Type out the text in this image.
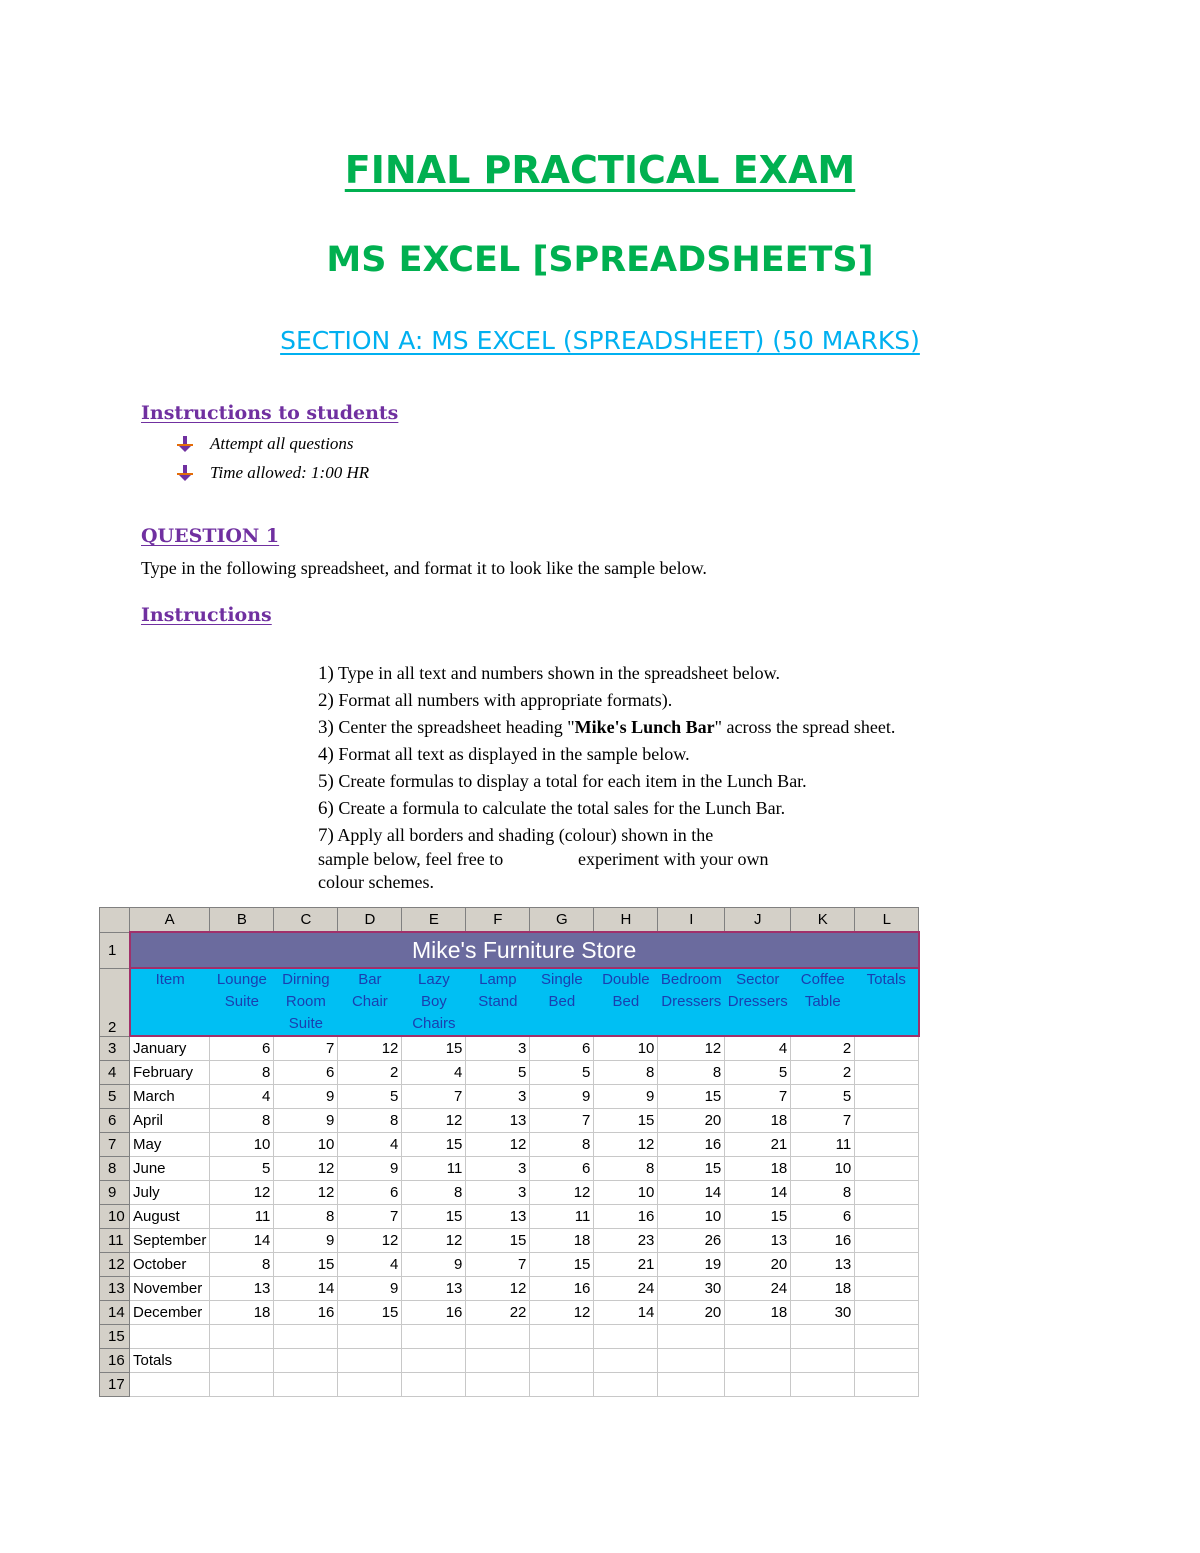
FINAL PRACTICAL EXAM
MS EXCEL [SPREADSHEETS]
SECTION A: MS EXCEL (SPREADSHEET) (50 MARKS)
Instructions to students
Attempt all questions
Time allowed: 1:00 HR
QUESTION 1
Type in the following spreadsheet, and format it to look like the sample below.
Instructions
1) Type in all text and numbers shown in the spreadsheet below.
2) Format all numbers with appropriate formats).
3) Center the spreadsheet heading "Mike's Lunch Bar" across the spread sheet.
4) Format all text as displayed in the sample below.
5) Create formulas to display a total for each item in the Lunch Bar.
6) Create a formula to calculate the total sales for the Lunch Bar.
7) Apply all borders and shading (colour) shown in the
sample below, feel free to	experiment with your own
colour schemes.
	A	B	C	D	E	F	G	H	I	J	K	L
1	Mike's Furniture Store											
2	Item	Lounge Suite	Dirning Room Suite	Bar Chair	Lazy Boy Chairs	Lamp Stand	Single Bed	Double Bed	Bedroom Dressers	Sector Dressers	Coffee Table	Totals
3	January	6	7	12	15	3	6	10	12	4	2	
4	February	8	6	2	4	5	5	8	8	5	2	
5	March	4	9	5	7	3	9	9	15	7	5	
6	April	8	9	8	12	13	7	15	20	18	7	
7	May	10	10	4	15	12	8	12	16	21	11	
8	June	5	12	9	11	3	6	8	15	18	10	
9	July	12	12	6	8	3	12	10	14	14	8	
10	August	11	8	7	15	13	11	16	10	15	6	
11	September	14	9	12	12	15	18	23	26	13	16	
12	October	8	15	4	9	7	15	21	19	20	13	
13	November	13	14	9	13	12	16	24	30	24	18	
14	December	18	16	15	16	22	12	14	20	18	30	
15												
16	Totals											
17												
